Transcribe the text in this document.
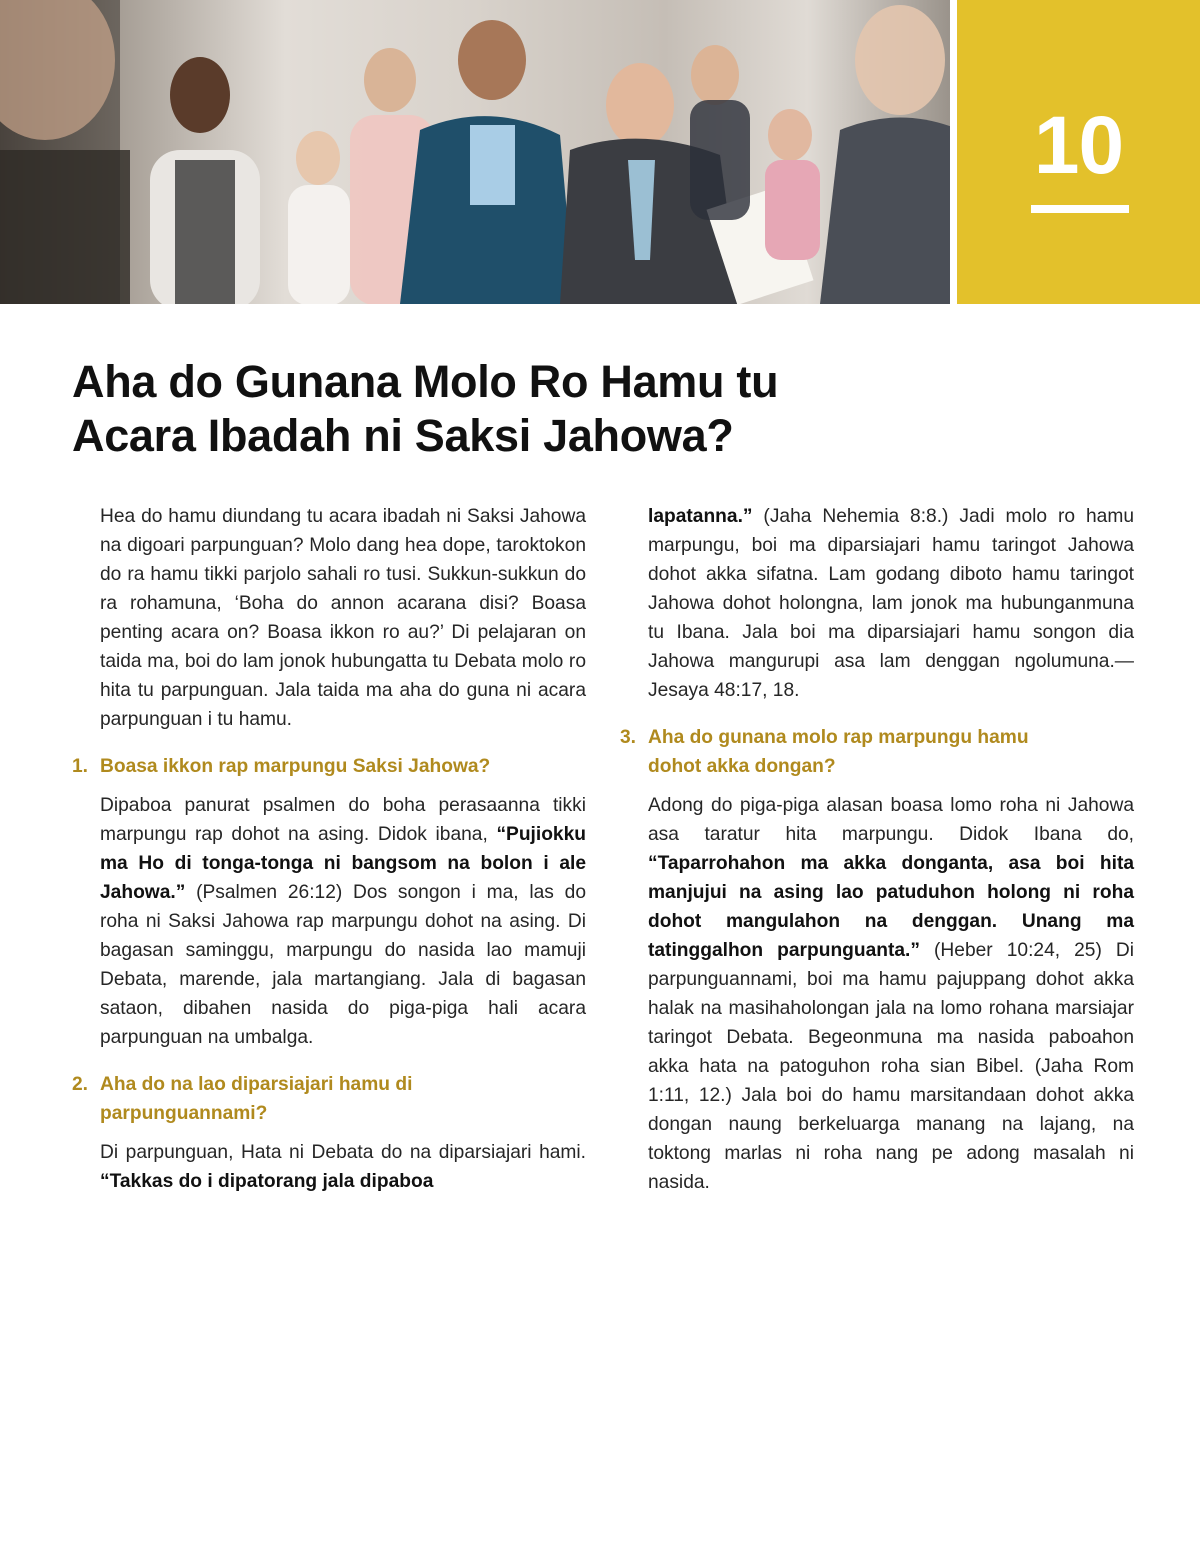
10
Aha do Gunana Molo Ro Hamu tu
Acara Ibadah ni Saksi Jahowa?

Hea do hamu diundang tu acara ibadah ni Saksi Jahowa na digoari parpunguan? Molo dang hea dope, taroktokon do ra hamu tikki parjolo sahali ro tusi. Sukkun-sukkun do ra rohamuna, ‘Boha do annon acarana disi? Boasa penting acara on? Boasa ikkon ro au?’ Di pelajaran on taida ma, boi do lam jonok hubungatta tu Debata molo ro hita tu parpunguan. Jala taida ma aha do guna ni acara parpunguan i tu hamu.

1. Boasa ikkon rap marpungu Saksi Jahowa?

Dipaboa panurat psalmen do boha perasaanna tikki marpungu rap dohot na asing. Didok ibana, “Pujiokku ma Ho di tonga-tonga ni bangsom na bolon i ale Jahowa.” (Psalmen 26:12) Dos songon i ma, las do roha ni Saksi Jahowa rap marpungu dohot na asing. Di bagasan saminggu, marpungu do nasida lao mamuji Debata, marende, jala martangiang. Jala di bagasan sataon, dibahen nasida do piga-piga hali acara parpunguan na umbalga.

2. Aha do na lao diparsiajari hamu di
parpunguannami?

Di parpunguan, Hata ni Debata do na diparsiajari hami. “Takkas do i dipatorang jala dipaboa

lapatanna.” (Jaha Nehemia 8:8.) Jadi molo ro hamu marpungu, boi ma diparsiajari hamu taringot Jahowa dohot akka sifatna. Lam godang diboto hamu taringot Jahowa dohot holongna, lam jonok ma hubunganmuna tu Ibana. Jala boi ma diparsiajari hamu songon dia Jahowa mangurupi asa lam denggan ngolumuna.—Jesaya 48:17, 18.

3. Aha do gunana molo rap marpungu hamu
dohot akka dongan?

Adong do piga-piga alasan boasa lomo roha ni Jahowa asa taratur hita marpungu. Didok Ibana do, “Taparrohahon ma akka donganta, asa boi hita manjujui na asing lao patuduhon holong ni roha dohot mangulahon na denggan. Unang ma tatinggalhon parpunguanta.” (Heber 10:24, 25) Di parpunguannami, boi ma hamu pajuppang dohot akka halak na masihaholongan jala na lomo rohana marsiajar taringot Debata. Begeonmuna ma nasida paboahon akka hata na patoguhon roha sian Bibel. (Jaha Rom 1:11, 12.) Jala boi do hamu marsitandaan dohot akka dongan naung berkeluarga manang na lajang, na toktong marlas ni roha nang pe adong masalah ni nasida.
